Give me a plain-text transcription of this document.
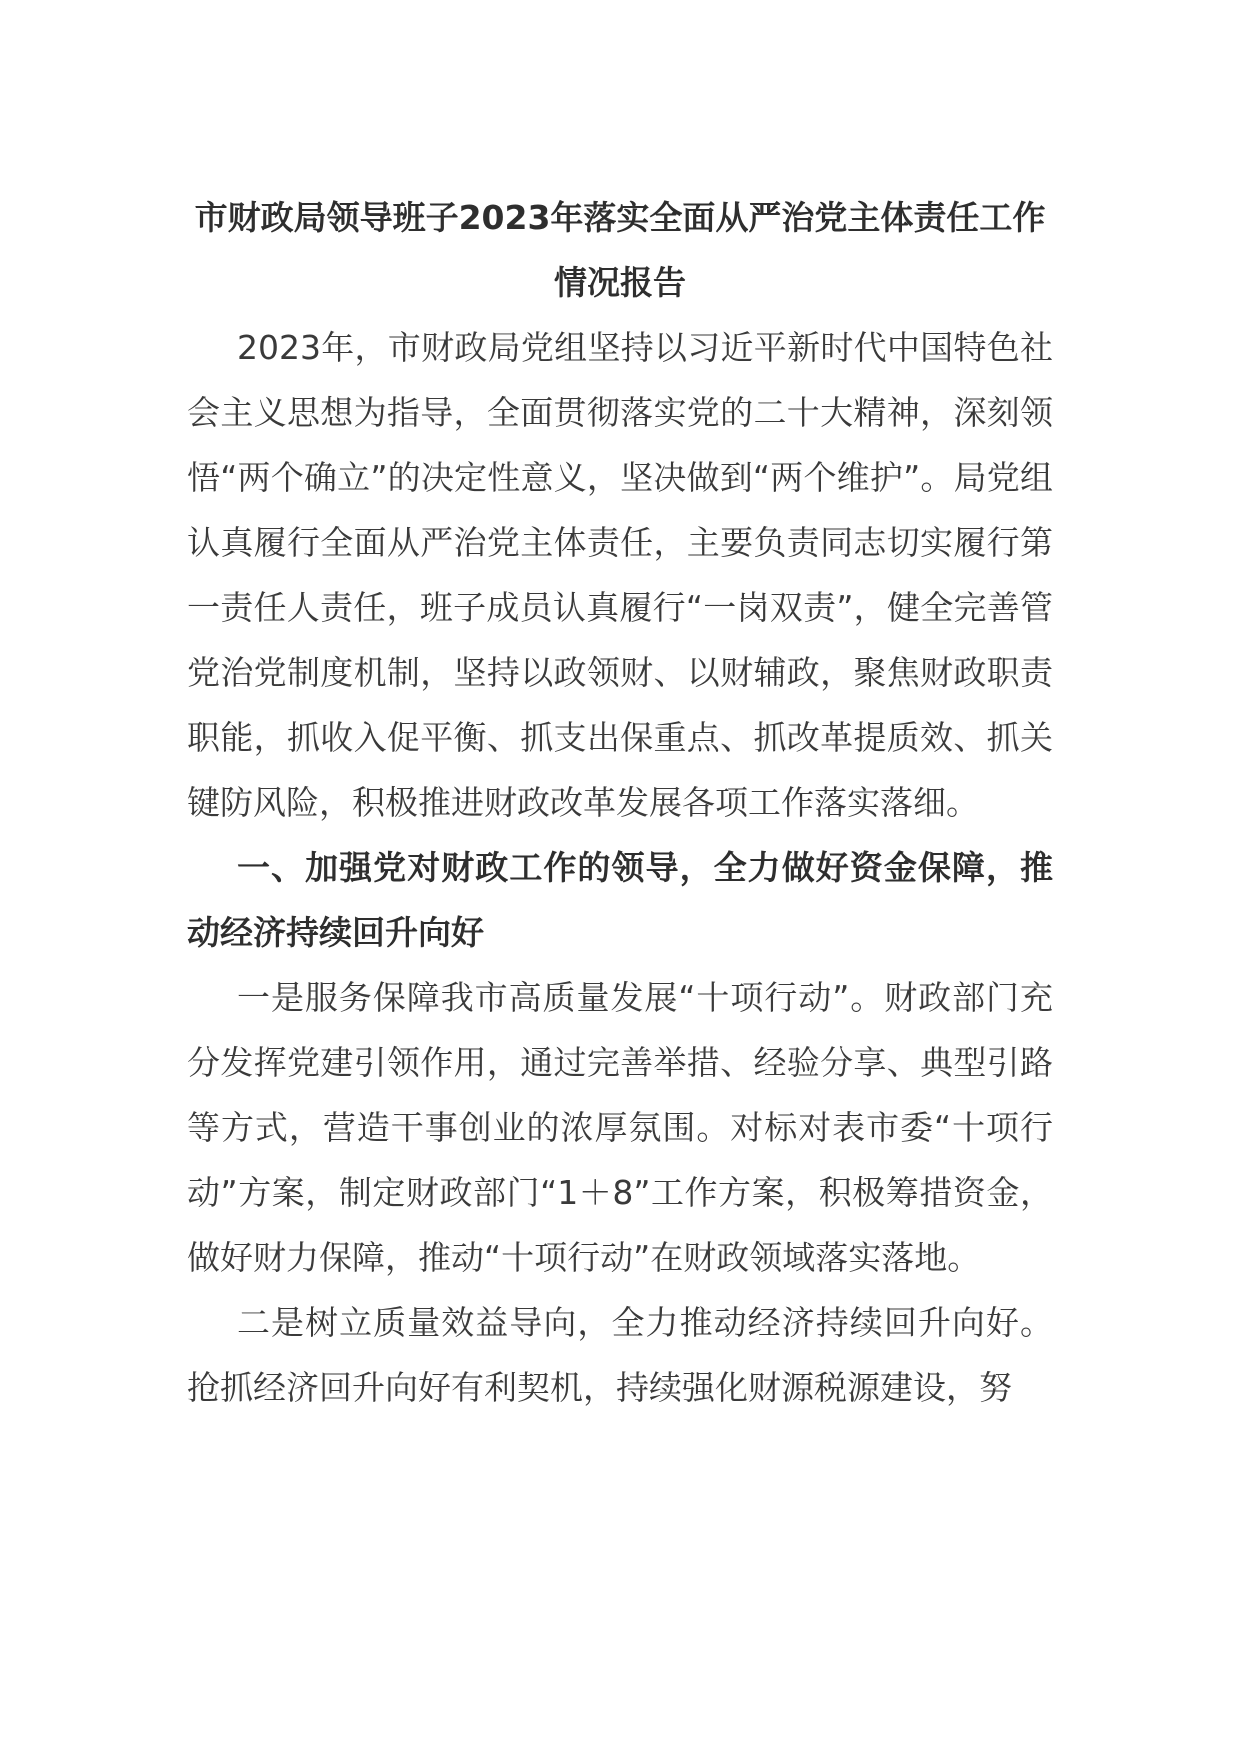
市财政局领导班子2023年落实全面从严治党主体责任工作情况报告

2023年，市财政局党组坚持以习近平新时代中国特色社会主义思想为指导，全面贯彻落实党的二十大精神，深刻领悟“两个确立”的决定性意义，坚决做到“两个维护”。局党组认真履行全面从严治党主体责任，主要负责同志切实履行第一责任人责任，班子成员认真履行“一岗双责”，健全完善管党治党制度机制，坚持以政领财、以财辅政，聚焦财政职责职能，抓收入促平衡、抓支出保重点、抓改革提质效、抓关键防风险，积极推进财政改革发展各项工作落实落细。

一、加强党对财政工作的领导，全力做好资金保障，推动经济持续回升向好

一是服务保障我市高质量发展“十项行动”。财政部门充分发挥党建引领作用，通过完善举措、经验分享、典型引路等方式，营造干事创业的浓厚氛围。对标对表市委“十项行动”方案，制定财政部门“1＋8”工作方案，积极筹措资金，做好财力保障，推动“十项行动”在财政领域落实落地。

二是树立质量效益导向，全力推动经济持续回升向好。抢抓经济回升向好有利契机，持续强化财源税源建设，努
